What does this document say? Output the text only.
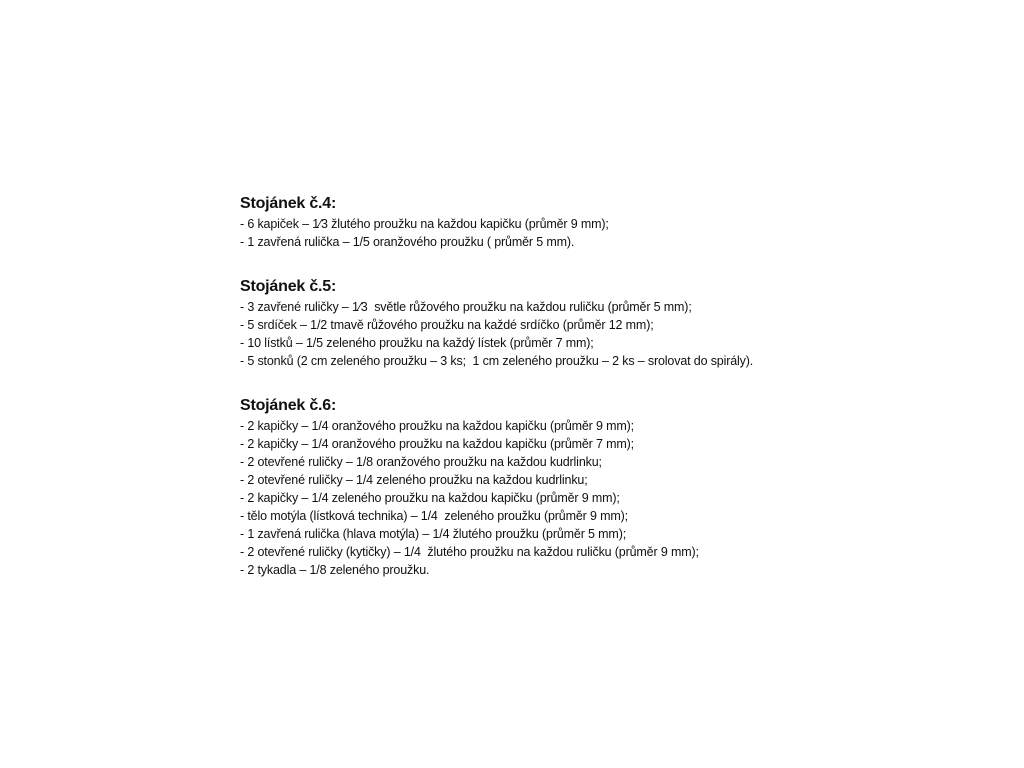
Stojánek č.4:
- 6 kapiček – 1⁄3 žlutého proužku na každou kapičku (průměr 9 mm);
- 1 zavřená rulička – 1/5 oranžového proužku ( průměr 5 mm).
Stojánek č.5:
- 3 zavřené ruličky – 1⁄3  světle růžového proužku na každou ruličku (průměr 5 mm);
- 5 srdíček – 1/2 tmavě růžového proužku na každé srdíčko (průměr 12 mm);
- 10 lístků – 1/5 zeleného proužku na každý lístek (průměr 7 mm);
- 5 stonků (2 cm zeleného proužku – 3 ks;  1 cm zeleného proužku – 2 ks – srolovat do spirály).
Stojánek č.6:
- 2 kapičky – 1/4 oranžového proužku na každou kapičku (průměr 9 mm);
- 2 kapičky – 1/4 oranžového proužku na každou kapičku (průměr 7 mm);
- 2 otevřené ruličky – 1/8 oranžového proužku na každou kudrlinku;
- 2 otevřené ruličky – 1/4 zeleného proužku na každou kudrlinku;
- 2 kapičky – 1/4 zeleného proužku na každou kapičku (průměr 9 mm);
- tělo motýla (lístková technika) – 1/4  zeleného proužku (průměr 9 mm);
- 1 zavřená rulička (hlava motýla) – 1/4 žlutého proužku (průměr 5 mm);
- 2 otevřené ruličky (kytičky) – 1/4  žlutého proužku na každou ruličku (průměr 9 mm);
- 2 tykadla – 1/8 zeleného proužku.
